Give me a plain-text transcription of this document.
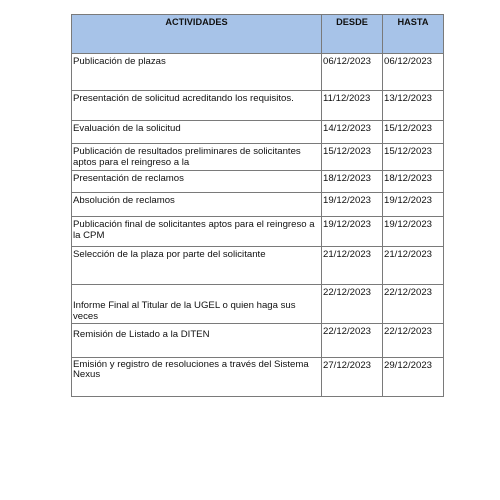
ACTIVIDADES	DESDE	HASTA
Publicación de plazas	06/12/2023	06/12/2023
Presentación de solicitud acreditando los requisitos.	11/12/2023	13/12/2023
Evaluación de la solicitud	14/12/2023	15/12/2023
Publicación de resultados preliminares de solicitantes aptos para el reingreso a la	15/12/2023	15/12/2023
Presentación de reclamos	18/12/2023	18/12/2023
Absolución de reclamos	19/12/2023	19/12/2023
Publicación final de solicitantes aptos para el reingreso a la CPM	19/12/2023	19/12/2023
Selección de la plaza por parte del solicitante	21/12/2023	21/12/2023
Informe Final al Titular de la UGEL o quien haga sus veces	22/12/2023	22/12/2023
Remisión de Listado a la DITEN	22/12/2023	22/12/2023
Emisión y registro de resoluciones a través del Sistema Nexus	27/12/2023	29/12/2023
